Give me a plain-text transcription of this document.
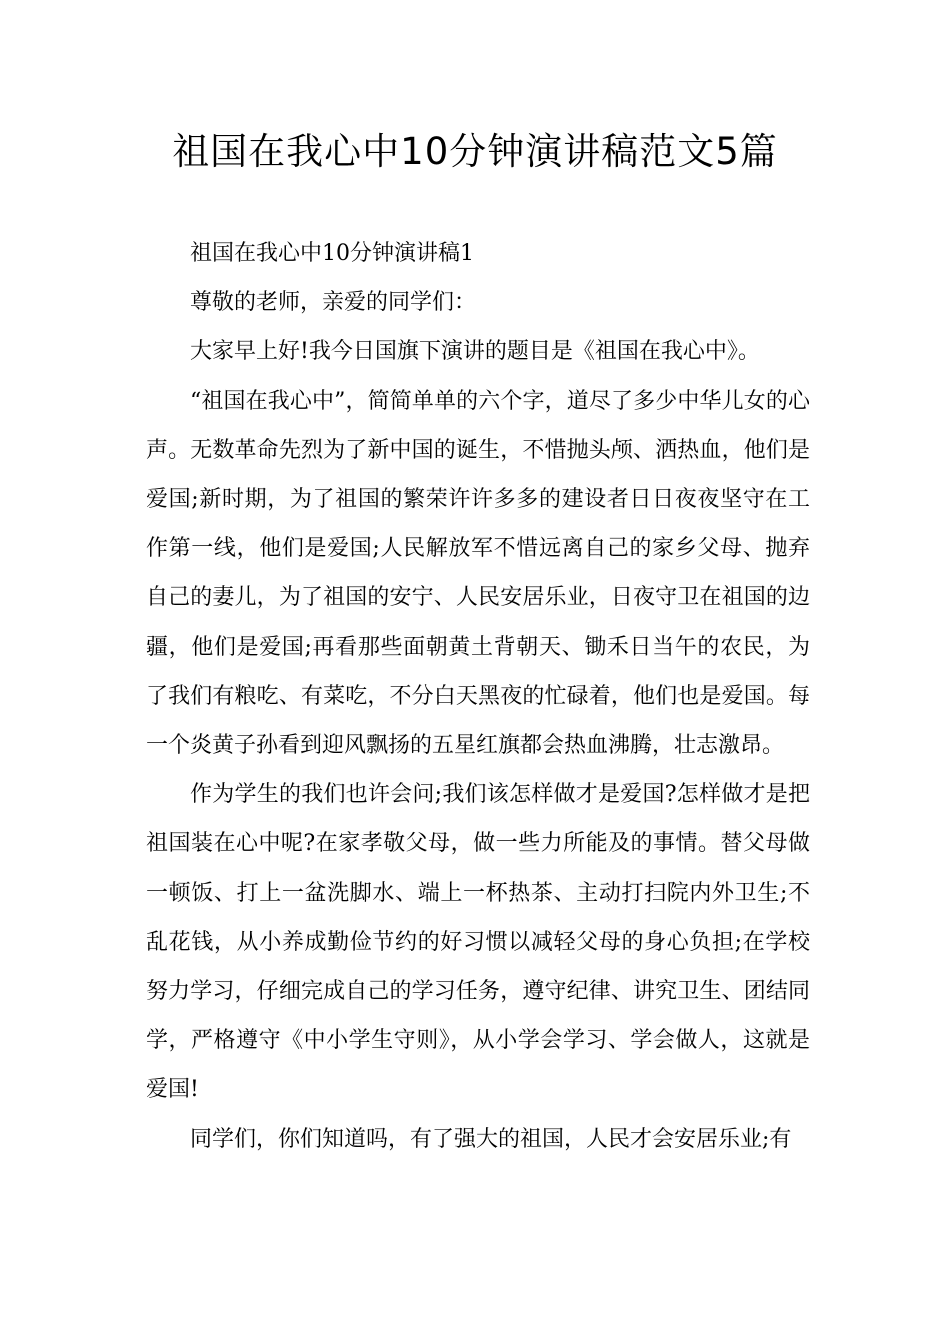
祖国在我心中10分钟演讲稿范文5篇

祖国在我心中10分钟演讲稿1

尊敬的老师，亲爱的同学们：

大家早上好!我今日国旗下演讲的题目是《祖国在我心中》。

“祖国在我心中”，简简单单的六个字，道尽了多少中华儿女的心声。无数革命先烈为了新中国的诞生，不惜抛头颅、洒热血，他们是爱国;新时期，为了祖国的繁荣许许多多的建设者日日夜夜坚守在工作第一线，他们是爱国;人民解放军不惜远离自己的家乡父母、抛弃自己的妻儿，为了祖国的安宁、人民安居乐业，日夜守卫在祖国的边疆，他们是爱国;再看那些面朝黄土背朝天、锄禾日当午的农民，为了我们有粮吃、有菜吃，不分白天黑夜的忙碌着，他们也是爱国。每一个炎黄子孙看到迎风飘扬的五星红旗都会热血沸腾，壮志激昂。

作为学生的我们也许会问;我们该怎样做才是爱国?怎样做才是把祖国装在心中呢?在家孝敬父母，做一些力所能及的事情。替父母做一顿饭、打上一盆洗脚水、端上一杯热茶、主动打扫院内外卫生;不乱花钱，从小养成勤俭节约的好习惯以减轻父母的身心负担;在学校努力学习，仔细完成自己的学习任务，遵守纪律、讲究卫生、团结同学，严格遵守《中小学生守则》，从小学会学习、学会做人，这就是爱国!

同学们，你们知道吗，有了强大的祖国，人民才会安居乐业;有
